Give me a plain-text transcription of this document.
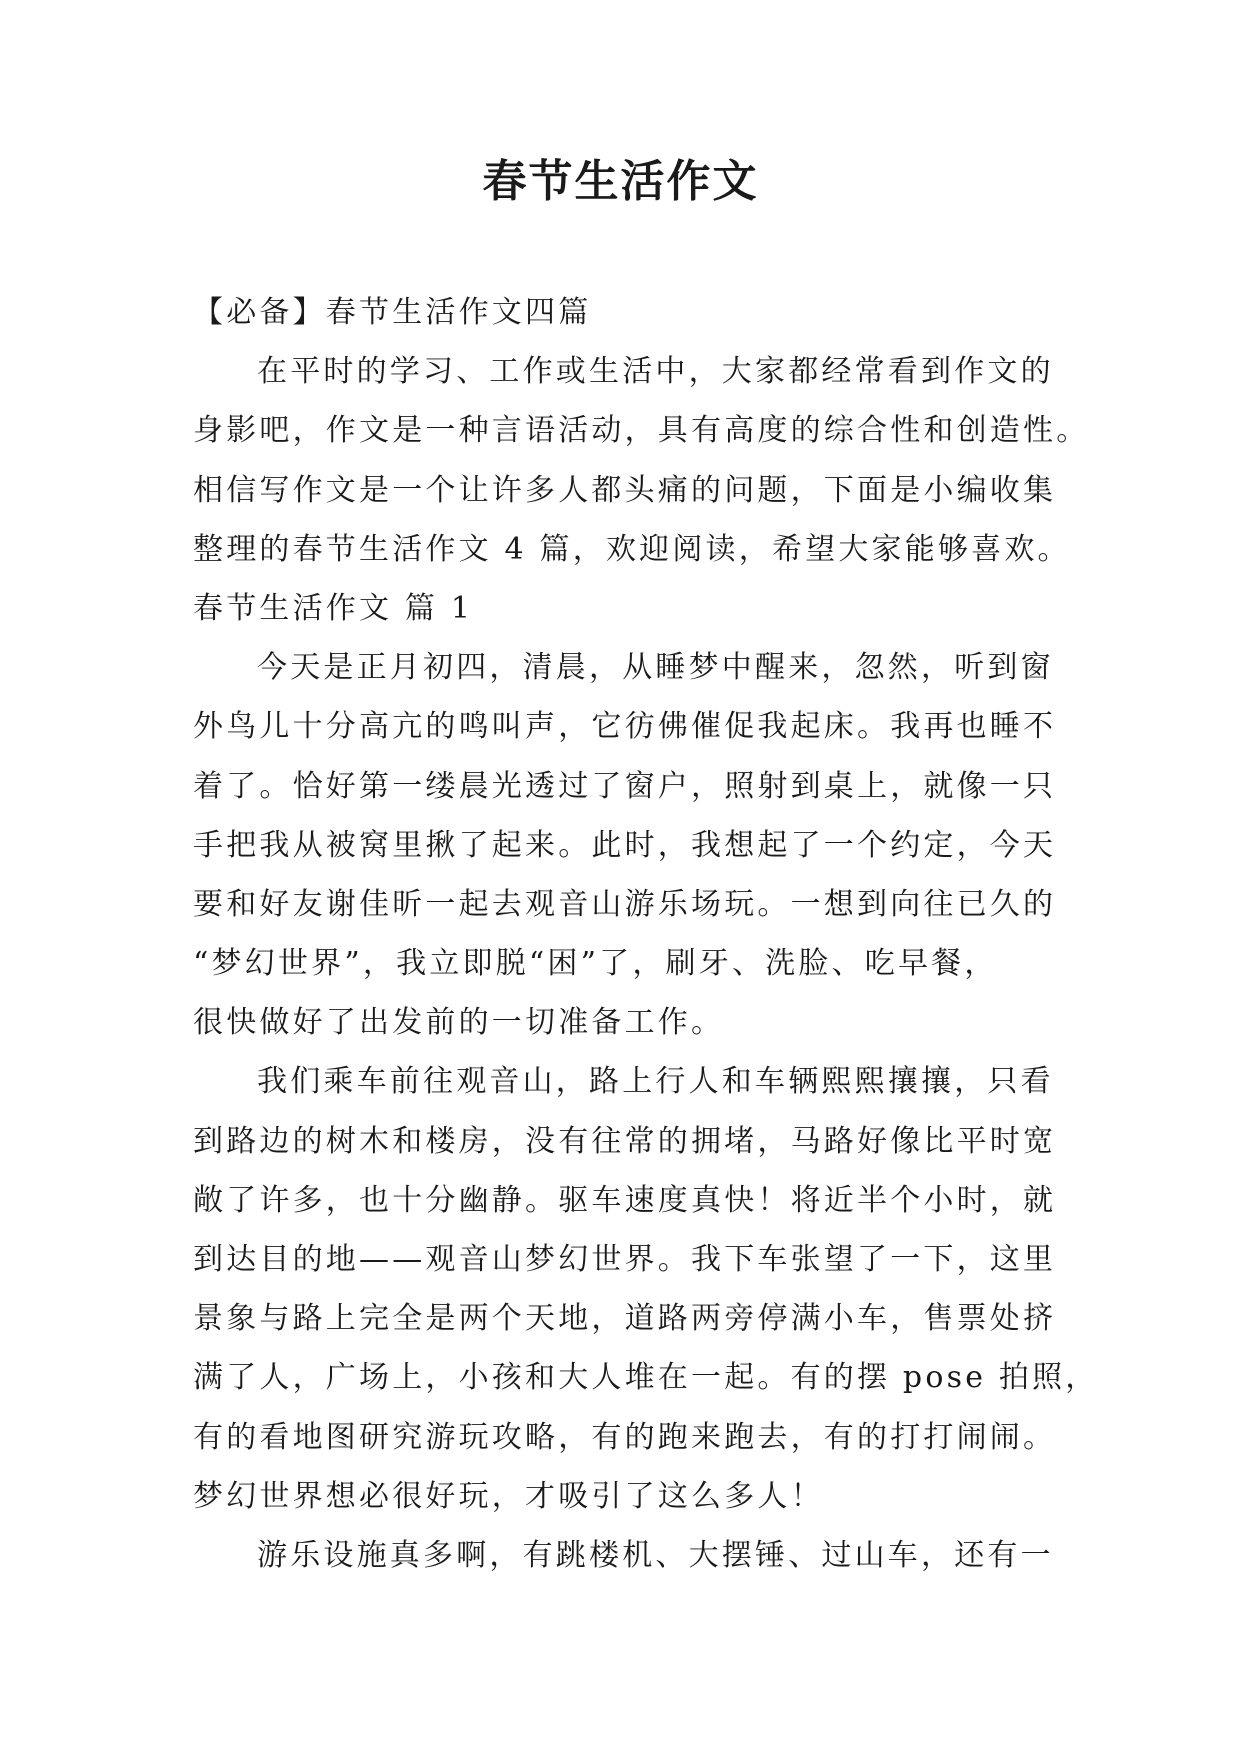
春节生活作文
【必备】春节生活作文四篇
在平时的学习、工作或生活中，大家都经常看到作文的
身影吧，作文是一种言语活动，具有高度的综合性和创造性。
相信写作文是一个让许多人都头痛的问题，下面是小编收集
整理的春节生活作文 4 篇，欢迎阅读，希望大家能够喜欢。
春节生活作文 篇 1
今天是正月初四，清晨，从睡梦中醒来，忽然，听到窗
外鸟儿十分高亢的鸣叫声，它彷佛催促我起床。我再也睡不
着了。恰好第一缕晨光透过了窗户，照射到桌上，就像一只
手把我从被窝里揪了起来。此时，我想起了一个约定，今天
要和好友谢佳昕一起去观音山游乐场玩。一想到向往已久的
“梦幻世界”，我立即脱“困”了，刷牙、洗脸、吃早餐，
很快做好了出发前的一切准备工作。
我们乘车前往观音山，路上行人和车辆熙熙攘攘，只看
到路边的树木和楼房，没有往常的拥堵，马路好像比平时宽
敞了许多，也十分幽静。驱车速度真快！将近半个小时，就
到达目的地——观音山梦幻世界。我下车张望了一下，这里
景象与路上完全是两个天地，道路两旁停满小车，售票处挤
满了人，广场上，小孩和大人堆在一起。有的摆 pose 拍照，
有的看地图研究游玩攻略，有的跑来跑去，有的打打闹闹。
梦幻世界想必很好玩，才吸引了这么多人！
游乐设施真多啊，有跳楼机、大摆锤、过山车，还有一
